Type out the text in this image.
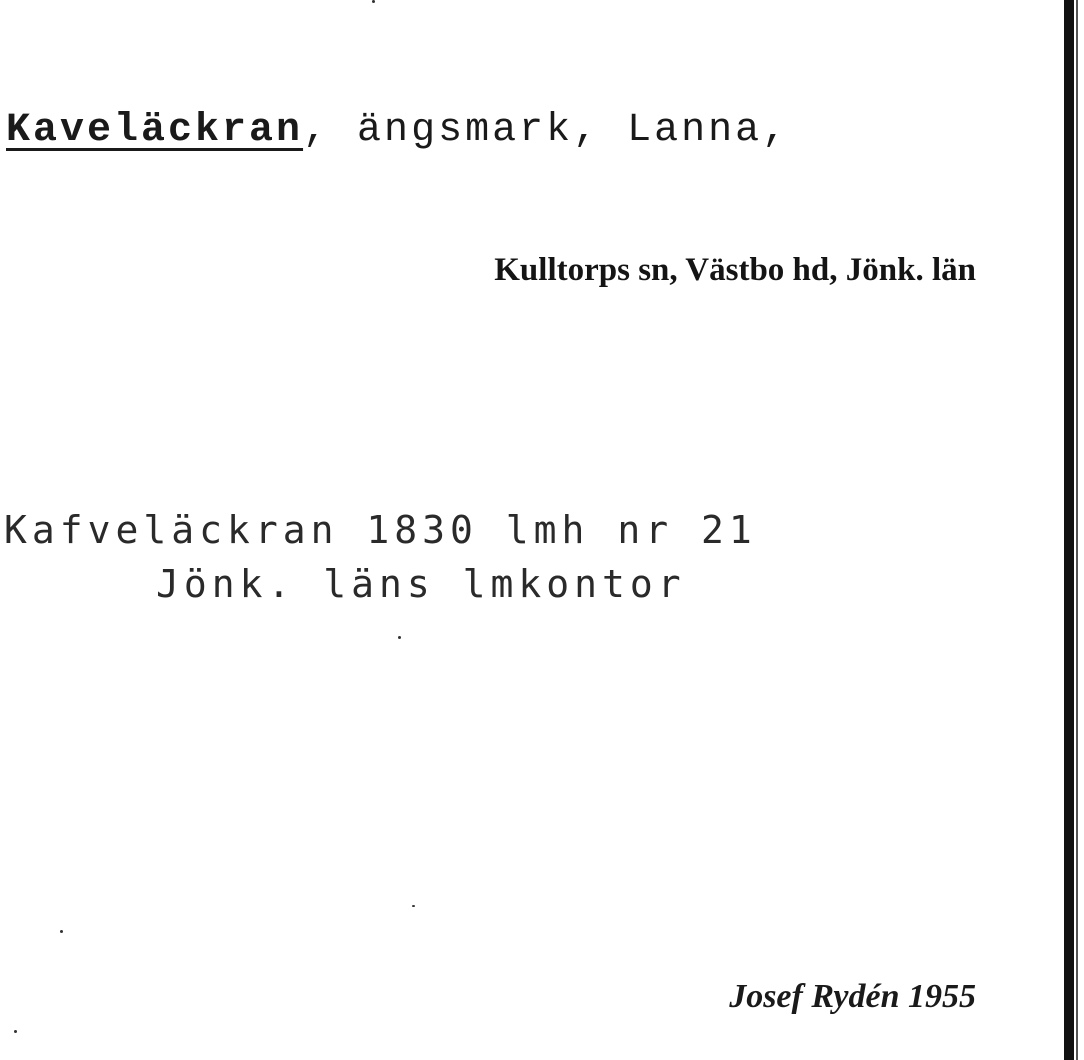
Kaveläckran, ängsmark, Lanna,
Kulltorps sn, Västbo hd, Jönk. län
Kafveläckran 1830 lmh nr 21
Jönk. läns lmkontor
Josef Rydén 1955
